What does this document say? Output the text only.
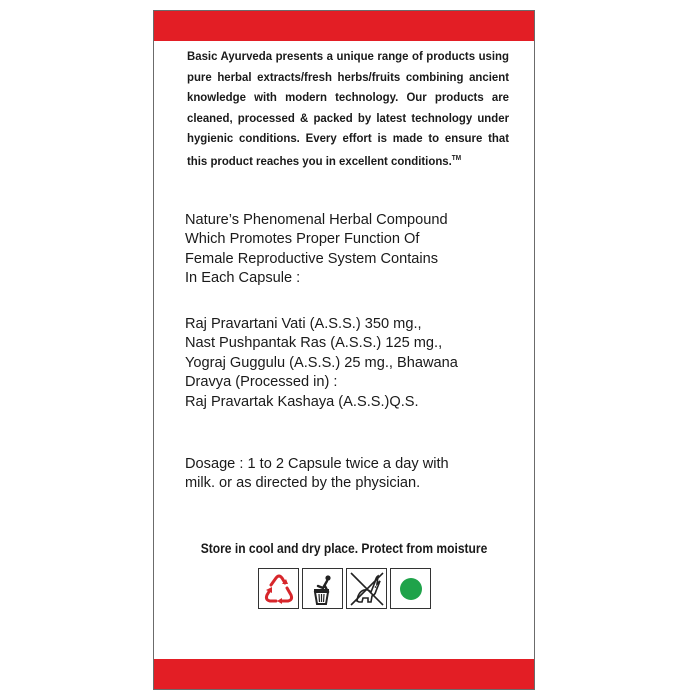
Basic Ayurveda presents a unique range of products using pure herbal extracts/fresh herbs/fruits combining ancient knowledge with modern technology. Our products are cleaned, processed & packed by latest technology under hygienic conditions. Every effort is made to ensure that this product reaches you in excellent conditions.™
Nature’s Phenomenal Herbal Compound
Which Promotes Proper Function Of
Female Reproductive System Contains
In Each Capsule :
Raj Pravartani Vati (A.S.S.) 350 mg.,
Nast Pushpantak Ras (A.S.S.) 125 mg.,
Yograj Guggulu (A.S.S.) 25 mg., Bhawana
Dravya (Processed in) :
Raj Pravartak Kashaya (A.S.S.)Q.S.
Dosage : 1 to 2 Capsule twice a day with
milk. or as directed by the physician.
Store in cool and dry place. Protect from moisture
